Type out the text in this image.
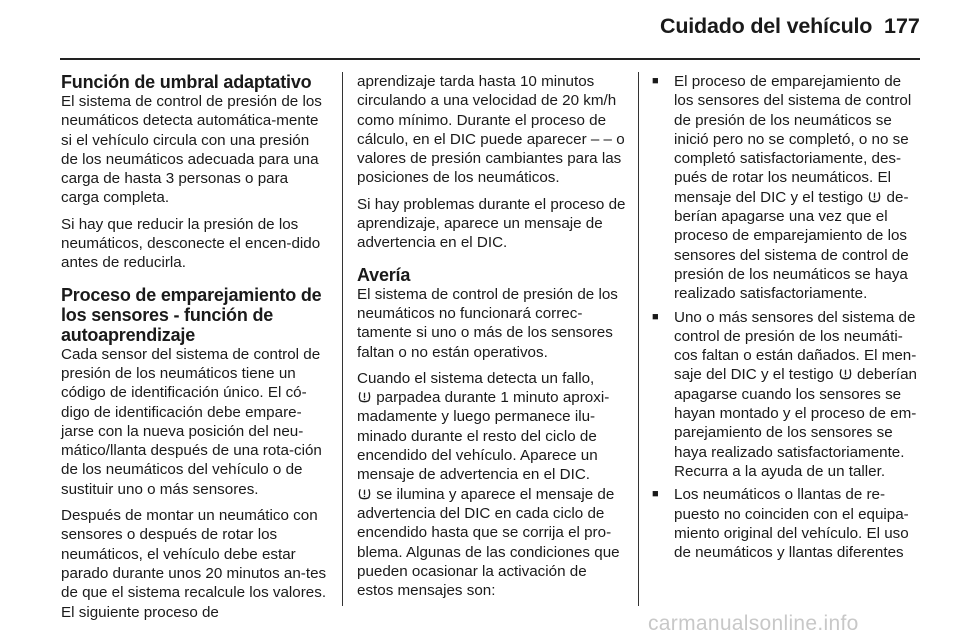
Cuidado del vehículo 177
Función de umbral adaptativo

El sistema de control de presión de los neumáticos detecta automática-mente si el vehículo circula con una presión de los neumáticos adecuada para una carga de hasta 3 personas o para carga completa.

Si hay que reducir la presión de los neumáticos, desconecte el encen-dido antes de reducirla.

Proceso de emparejamiento de los sensores - función de autoaprendizaje

Cada sensor del sistema de control de presión de los neumáticos tiene un código de identificación único. El có-digo de identificación debe empare-jarse con la nueva posición del neu-mático/llanta después de una rota-ción de los neumáticos del vehículo o de sustituir uno o más sensores.

Después de montar un neumático con sensores o después de rotar los neumáticos, el vehículo debe estar parado durante unos 20 minutos an-tes de que el sistema recalcule los valores. El siguiente proceso de

aprendizaje tarda hasta 10 minutos circulando a una velocidad de 20 km/h como mínimo. Durante el proceso de cálculo, en el DIC puede aparecer – – o valores de presión cambiantes para las posiciones de los neumáticos.

Si hay problemas durante el proceso de aprendizaje, aparece un mensaje de advertencia en el DIC.

Avería

El sistema de control de presión de los neumáticos no funcionará correc-tamente si uno o más de los sensores faltan o no están operativos.

Cuando el sistema detecta un fallo,
parpadea durante 1 minuto aproxi-madamente y luego permanece ilu-minado durante el resto del ciclo de encendido del vehículo. Aparece un mensaje de advertencia en el DIC.
se ilumina y aparece el mensaje de advertencia del DIC en cada ciclo de encendido hasta que se corrija el pro-blema. Algunas de las condiciones que pueden ocasionar la activación de estos mensajes son:

■ El proceso de emparejamiento de los sensores del sistema de control de presión de los neumáticos se inició pero no se completó, o no se completó satisfactoriamente, des-pués de rotar los neumáticos. El mensaje del DIC y el testigo  de-berían apagarse una vez que el proceso de emparejamiento de los sensores del sistema de control de presión de los neumáticos se haya realizado satisfactoriamente.
■ Uno o más sensores del sistema de control de presión de los neumáti-cos faltan o están dañados. El men-saje del DIC y el testigo  deberían apagarse cuando los sensores se hayan montado y el proceso de em-parejamiento de los sensores se haya realizado satisfactoriamente. Recurra a la ayuda de un taller.
■ Los neumáticos o llantas de re-puesto no coinciden con el equipa-miento original del vehículo. El uso de neumáticos y llantas diferentes
carmanualsonline.info
